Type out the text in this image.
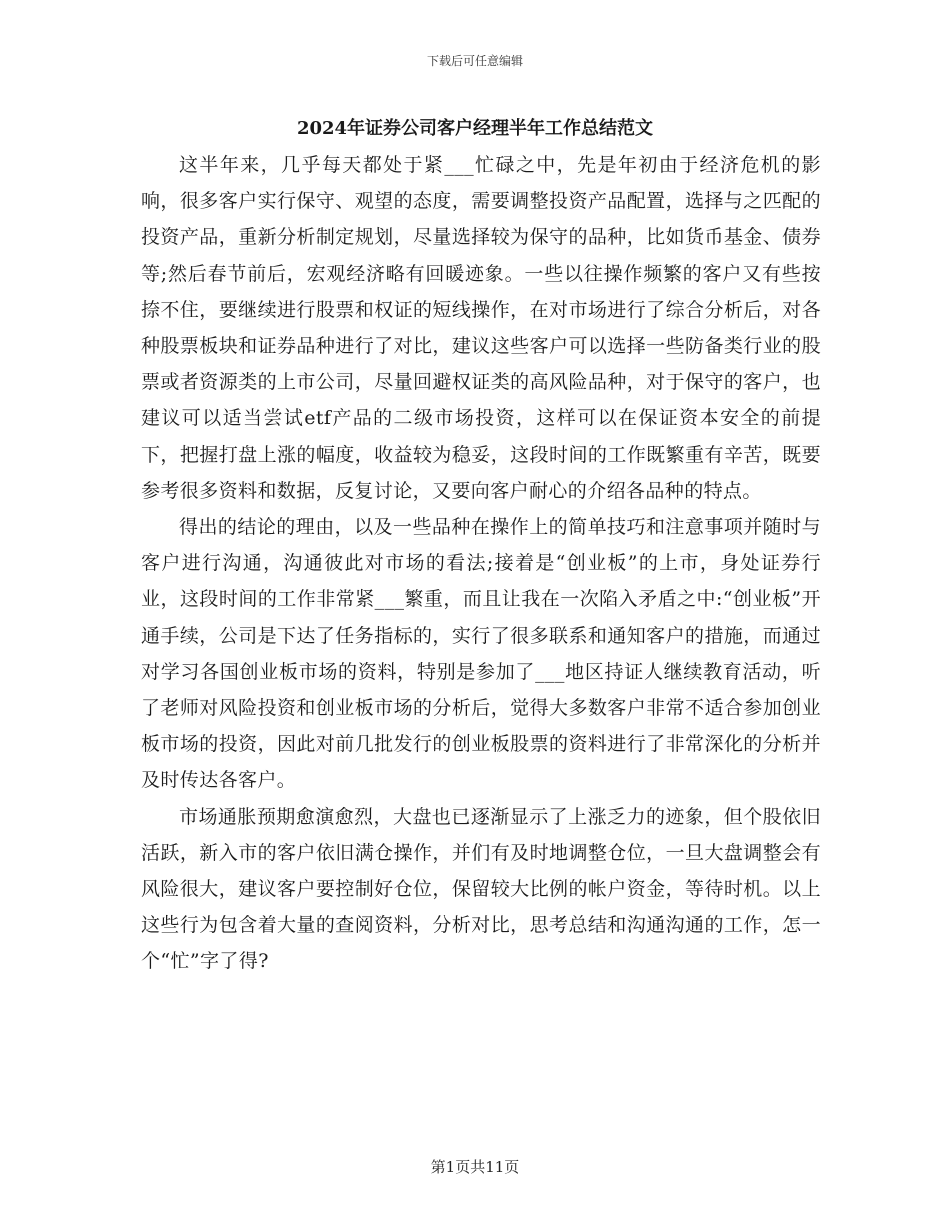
下载后可任意编辑
2024年证券公司客户经理半年工作总结范文

这半年来，几乎每天都处于紧___忙碌之中，先是年初由于经济危机的影响，很多客户实行保守、观望的态度，需要调整投资产品配置，选择与之匹配的投资产品，重新分析制定规划，尽量选择较为保守的品种，比如货币基金、债券等;然后春节前后，宏观经济略有回暖迹象。一些以往操作频繁的客户又有些按捺不住，要继续进行股票和权证的短线操作，在对市场进行了综合分析后，对各种股票板块和证券品种进行了对比，建议这些客户可以选择一些防备类行业的股票或者资源类的上市公司，尽量回避权证类的高风险品种，对于保守的客户，也建议可以适当尝试etf产品的二级市场投资，这样可以在保证资本安全的前提下，把握打盘上涨的幅度，收益较为稳妥，这段时间的工作既繁重有辛苦，既要参考很多资料和数据，反复讨论，又要向客户耐心的介绍各品种的特点。

得出的结论的理由，以及一些品种在操作上的简单技巧和注意事项并随时与客户进行沟通，沟通彼此对市场的看法;接着是“创业板”的上市，身处证券行业，这段时间的工作非常紧___繁重，而且让我在一次陷入矛盾之中:“创业板”开通手续，公司是下达了任务指标的，实行了很多联系和通知客户的措施，而通过对学习各国创业板市场的资料，特别是参加了___地区持证人继续教育活动，听了老师对风险投资和创业板市场的分析后，觉得大多数客户非常不适合参加创业板市场的投资，因此对前几批发行的创业板股票的资料进行了非常深化的分析并及时传达各客户。

市场通胀预期愈演愈烈，大盘也已逐渐显示了上涨乏力的迹象，但个股依旧活跃，新入市的客户依旧满仓操作，并们有及时地调整仓位，一旦大盘调整会有风险很大，建议客户要控制好仓位，保留较大比例的帐户资金，等待时机。以上这些行为包含着大量的查阅资料，分析对比，思考总结和沟通沟通的工作，怎一个“忙”字了得?

第1页共11页
